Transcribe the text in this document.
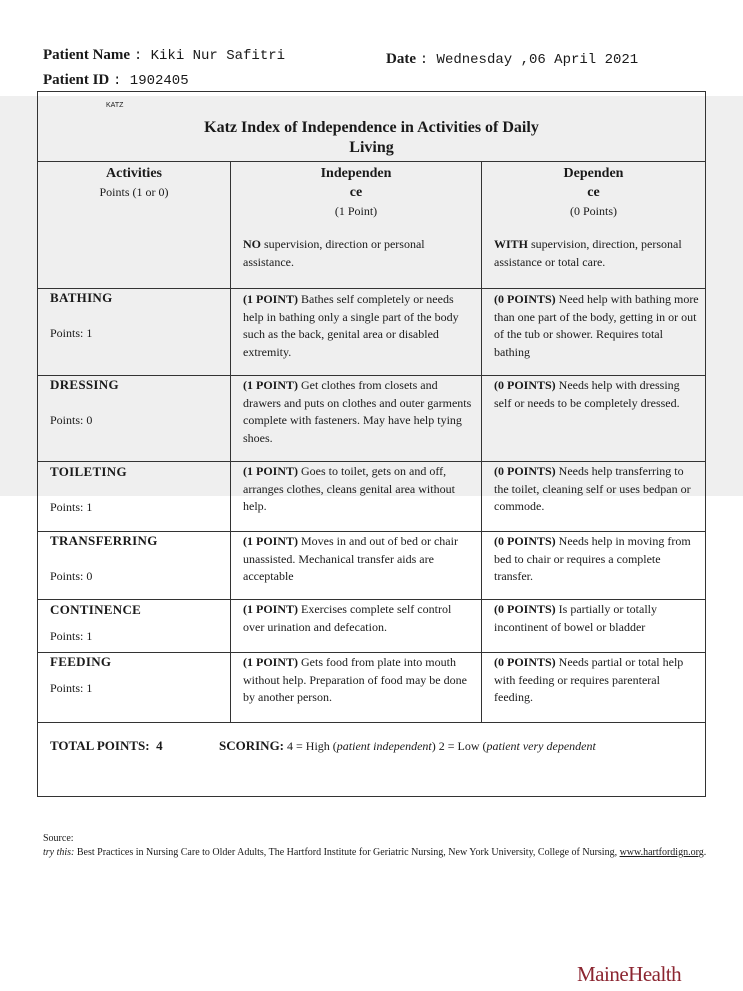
Patient Name : Kiki Nur Safitri
Patient ID : 1902405
Date : Wednesday ,06 April 2021
KATZ
Katz Index of Independence in Activities of Daily
Living
Activities
Points (1 or 0)
Independen
ce
(1 Point)
Dependen
ce
(0 Points)
NO supervision, direction or personal assistance.
WITH supervision, direction, personal assistance or total care.
BATHING
Points: 1
(1 POINT) Bathes self completely or needs help in bathing only a single part of the body such as the back, genital area or disabled extremity.
(0 POINTS) Need help with bathing more than one part of the body, getting in or out of the tub or shower. Requires total bathing
DRESSING
Points: 0
(1 POINT) Get clothes from closets and drawers and puts on clothes and outer garments complete with fasteners. May have help tying shoes.
(0 POINTS) Needs help with dressing self or needs to be completely dressed.
TOILETING
Points: 1
(1 POINT) Goes to toilet, gets on and off, arranges clothes, cleans genital area without help.
(0 POINTS) Needs help transferring to the toilet, cleaning self or uses bedpan or commode.
TRANSFERRING
Points: 0
(1 POINT) Moves in and out of bed or chair unassisted. Mechanical transfer aids are acceptable
(0 POINTS) Needs help in moving from bed to chair or requires a complete transfer.
CONTINENCE
Points: 1
(1 POINT) Exercises complete self control over urination and defecation.
(0 POINTS) Is partially or totally incontinent of bowel or bladder
FEEDING
Points: 1
(1 POINT) Gets food from plate into mouth without help. Preparation of food may be done by another person.
(0 POINTS) Needs partial or total help with feeding or requires parenteral feeding.
TOTAL POINTS: 4	SCORING: 4 = High (patient independent) 2 = Low (patient very dependent
Source:
try this: Best Practices in Nursing Care to Older Adults, The Hartford Institute for Geriatric Nursing, New York University, College of Nursing, www.hartfordign.org.
MaineHealth
